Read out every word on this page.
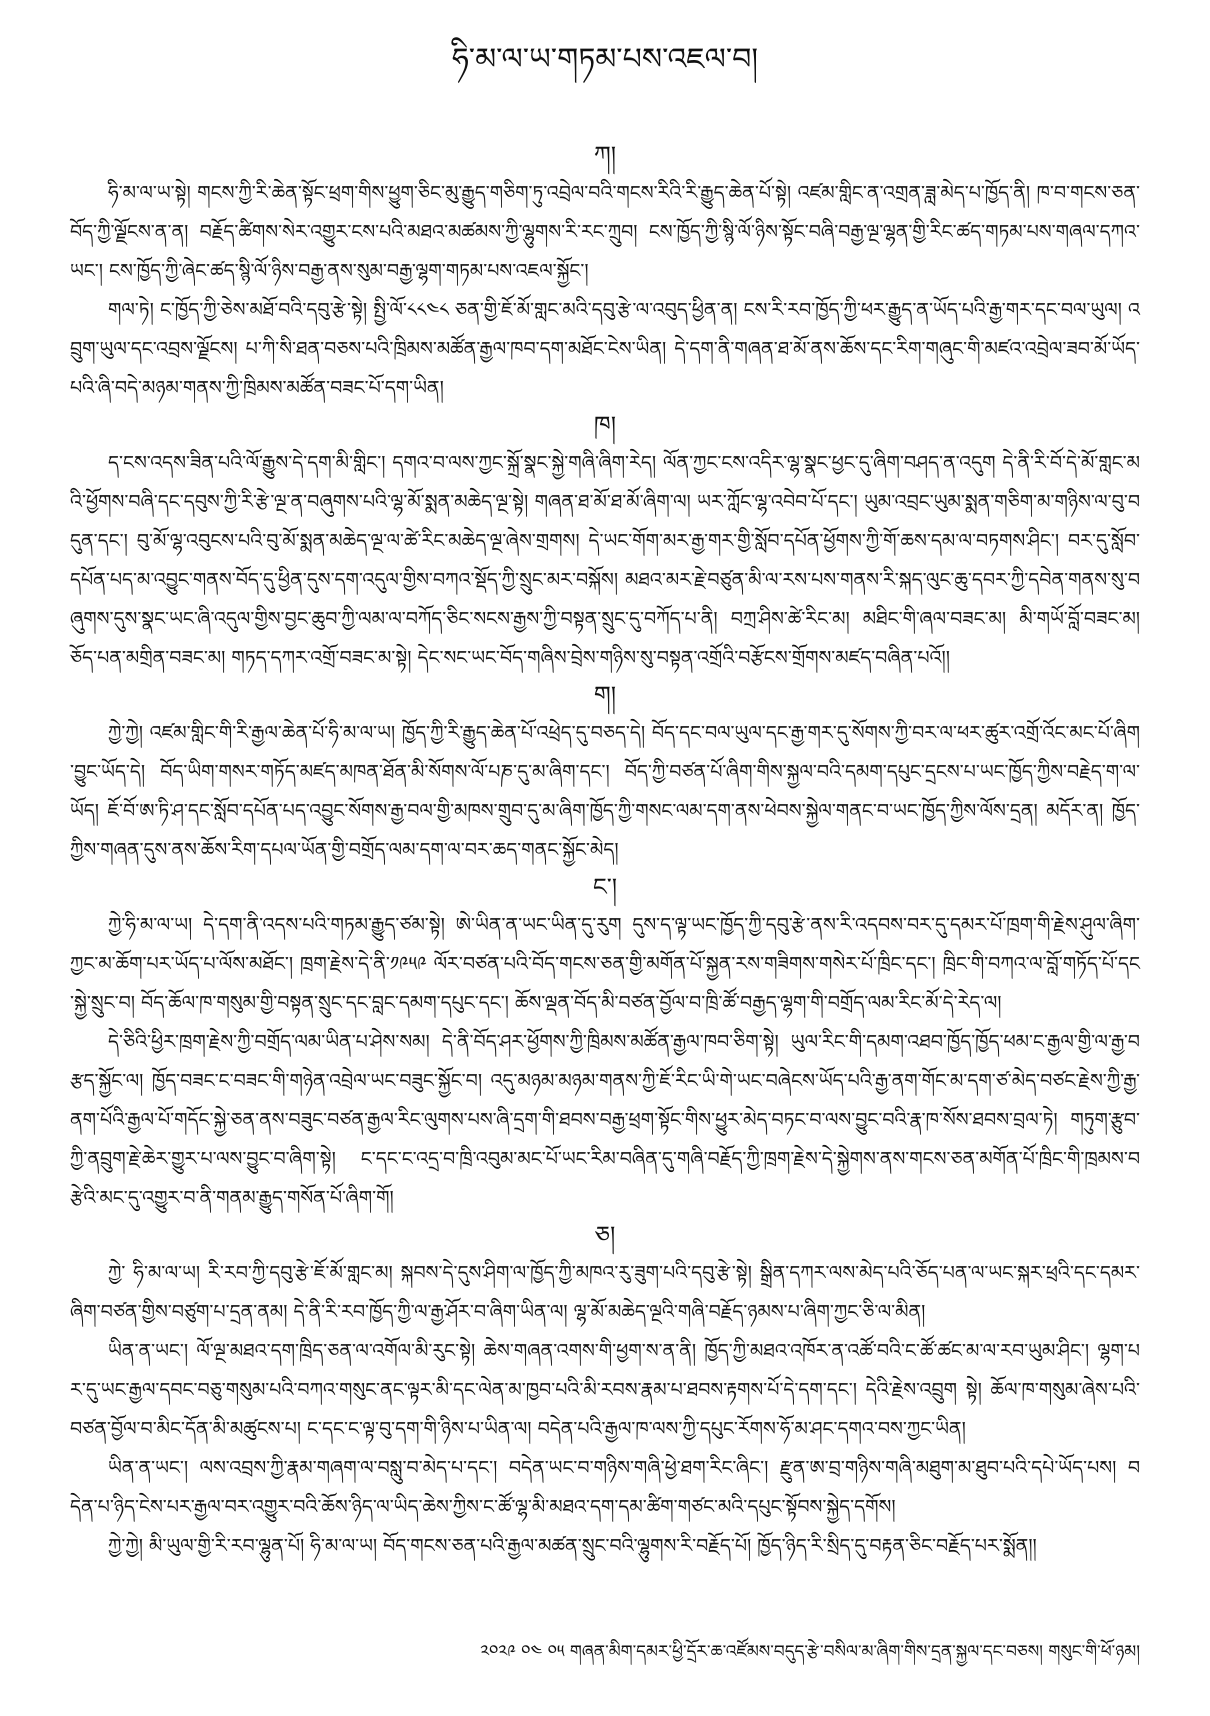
ཧི་མ་ལ་ཡ་གཏམ་པས་འཇལ་བ།
ཀ།

ཧི་མ་ལ་ཡ་སྟེ། གངས་ཀྱི་རི་ཆེན་སྟོང་ཕྲག་གིས་ཕྱུག་ཅིང་མུ་རྒྱུད་གཅིག་ཏུ་འབྲེལ་བའི་གངས་རིའི་རི་རྒྱུད་ཆེན་པོ་སྟེ། འཛམ་གླིང་ན་འགྲན་ཟླ་མེད་པ་ཁྱོད་ནི། ཁ་བ་གངས་ཅན་བོད་ཀྱི་ལྗོངས་ན་ན། བརྗོད་ཚིགས་སེར་འགྱུར་ངས་པའི་མཐའ་མཚམས་ཀྱི་ལྷུགས་རི་རང་ཀྲུབ། ངས་ཁྱོད་ཀྱི་སྙི་ལོ་ཉིས་སྟོང་བཞི་བརྒྱ་ལྔ་ལྷན་གྱི་རིང་ཚད་གཏམ་པས་གཞལ་དཀའ་ཡང་། ངས་ཁྱོད་ཀྱི་ཞེང་ཚད་སྙི་ལོ་ཉིས་བརྒྱ་ནས་སུམ་བརྒྱ་ལྷག་གཏམ་པས་འཇལ་སྐྱོང་།

གལ་ཏེ། ང་ཁྱོད་ཀྱི་ཅེས་མཐོ་བའི་དབུ་རྩེ་སྟེ། སྤྱི་ལོ་༨༨༤༨ ཅན་གྱི་ཇོ་མོ་གླང་མའི་དབུ་རྩེ་ལ་འབུད་ཕྱིན་ན། ངས་རི་རབ་ཁྱོད་ཀྱི་ཕར་རྒྱུད་ན་ཡོད་པའི་རྒྱ་གར་དང་བལ་ཡུལ། འབྲུག་ཡུལ་དང་འབྲས་ལྗོངས། པ་ཀི་སི་ཐན་བཅས་པའི་ཁྲིམས་མཚོན་རྒྱལ་ཁབ་དག་མཐོང་ངེས་ཡིན། དེ་དག་ནི་གཞན་ཐ་མོ་ནས་ཆོས་དང་རིག་གཞུང་གི་མཛའ་འབྲེལ་ཟབ་མོ་ཡོད་པའི་ཞི་བདེ་མཉམ་གནས་ཀྱི་ཁྲིམས་མཚོན་བཟང་པོ་དག་ཡིན།

ཁ།

ད་ངས་འདས་ཟིན་པའི་ལོ་རྒྱུས་དེ་དག་མི་གླིང་། དགའ་བ་ལས་ཀྱང་སྐྲོ་སྣང་སྐྱེ་གཞི་ཞིག་རེད། ལོན་ཀྱང་ངས་འདིར་ལྷ་སྣང་ཕྱང་དུ་ཞིག་བཤད་ན་འདུག དེ་ནི་རི་བོ་དེ་མོ་གླང་མའི་ཕྱོགས་བཞི་དང་དབུས་ཀྱི་རི་རྩེ་ལྔ་ན་བཞུགས་པའི་ལྷ་མོ་སྨན་མཆེད་ལྔ་སྟེ། གཞན་ཐ་མོ་ཐ་མོ་ཞིག་ལ། ཡར་ཀློང་ལྷ་འབེབ་པོ་དང་། ཡུམ་འབྲང་ཡུམ་སྨན་གཅིག་མ་གཉིས་ལ་བུ་བདུན་དང་། བུ་མོ་ལྷ་འབུངས་པའི་བུ་མོ་སྨན་མཆེད་ལྔ་ལ་ཚེ་རིང་མཆེད་ལྔ་ཞེས་གྲགས། དེ་ཡང་གོག་མར་རྒྱ་གར་གྱི་སློབ་དཔོན་ཕྱོགས་ཀྱི་གོ་ཆས་དམ་ལ་བཏགས་ཤིང་། བར་དུ་སློབ་དཔོན་པད་མ་འབྱུང་གནས་བོད་དུ་ཕྱིན་དུས་དག་འདུལ་གྱིས་བཀའ་སྡོད་ཀྱི་སྲུང་མར་བསྐོས། མཐའ་མར་རྗེ་བཙུན་མི་ལ་རས་པས་གནས་རི་སྐད་ལུང་ཆུ་དབར་ཀྱི་དབེན་གནས་སུ་བཞུགས་དུས་སྣང་ཡང་ཞི་འདུལ་གྱིས་བྱང་ཆུབ་ཀྱི་ལམ་ལ་བཀོད་ཅིང་སངས་རྒྱས་ཀྱི་བསྟན་སྲུང་དུ་བཀོད་པ་ནི། བཀྲ་ཤིས་ཚེ་རིང་མ། མཐིང་གི་ཞལ་བཟང་མ། མི་གཡོ་བློ་བཟང་མ། ཅོད་པན་མགྲིན་བཟང་མ། གཏད་དཀར་འགྲོ་བཟང་མ་སྟེ། དེང་སང་ཡང་བོད་གཞིས་བྲེས་གཉིས་སུ་བསྟན་འགྲོའི་བརྩོངས་གྲོགས་མཛད་བཞིན་པའོ།།

ག།

ཀྱེ་ཀྱེ། འཛམ་གླིང་གི་རི་རྒྱལ་ཆེན་པོ་ཧི་མ་ལ་ཡ། ཁྱོད་ཀྱི་རི་རྒྱུད་ཆེན་པོ་འཕྲེད་དུ་བཅད་དེ། བོད་དང་བལ་ཡུལ་དང་རྒྱ་གར་དུ་སོགས་ཀྱི་བར་ལ་ཕར་ཚུར་འགྲོ་འོང་མང་པོ་ཞིག་བྱུང་ཡོད་དེ། བོད་ཡིག་གསར་གཏོད་མཛད་མཁན་ཐོན་མི་སོགས་ལོ་པཎ་དུ་མ་ཞིག་དང་། བོད་ཀྱི་བཙན་པོ་ཞིག་གིས་སྐྱལ་བའི་དམག་དཔུང་དྲངས་པ་ཡང་ཁྱོད་ཀྱིས་བརྗེད་ག་ལ་ཡོད། ཇོ་བོ་ཨ་ཏི་ཤ་དང་སློབ་དཔོན་པད་འབྱུང་སོགས་རྒྱ་བལ་གྱི་མཁས་གྲུབ་དུ་མ་ཞིག་ཁྱོད་ཀྱི་གསང་ལམ་དག་ནས་ཕེབས་སྐྱེལ་གནང་བ་ཡང་ཁྱོད་ཀྱིས་ལོས་དྲན། མདོར་ན། ཁྱོད་ཀྱིས་གཞན་དུས་ནས་ཆོས་རིག་དཔལ་ཡོན་གྱི་བགྲོད་ལམ་དག་ལ་བར་ཆད་གནང་སྐྱོང་མེད།

ང་།

ཀྱེ་ཧི་མ་ལ་ཡ། དེ་དག་ནི་འདས་པའི་གཏམ་རྒྱུད་ཙམ་སྟེ། ཨེ་ཡིན་ན་ཡང་ཡིན་དུ་རུག དུས་ད་ལྟ་ཡང་ཁྱོད་ཀྱི་དབུ་རྩེ་ནས་རི་འདབས་བར་དུ་དམར་པོ་ཁྲག་གི་རྗེས་ཤུལ་ཞིག་ཀྱང་མ་ཆོག་པར་ཡོད་པ་ལོས་མཐོང་། ཁྲག་རྗེས་དེ་ནི་༡༩༥༩ ལོར་བཙན་པའི་བོད་གངས་ཅན་གྱི་མགོན་པོ་སྐྱན་རས་གཟིགས་གསེར་པོ་ཁྲིང་དང་། ཁྲིང་གི་བཀའ་ལ་བློ་གཏོད་པོ་དང་སྐྱེ་སྲུང་བ། བོད་ཆོལ་ཁ་གསུམ་གྱི་བསྟན་སྲུང་དང་བླང་དམག་དཔུང་དང་། ཆོས་ལྡན་བོད་མི་བཙན་བྱོལ་བ་ཁྲི་ཚོ་བརྒྱད་ལྷག་གི་བགྲོད་ལམ་རིང་མོ་དེ་རེད་ལ།

དེ་ཅིའི་ཕྱིར་ཁྲག་རྗེས་ཀྱི་བགྲོད་ལམ་ཡིན་པ་ཤེས་སམ། དེ་ནི་བོད་ཤར་ཕྱོགས་ཀྱི་ཁྲིམས་མཚོན་རྒྱལ་ཁབ་ཅིག་སྟེ། ཡུལ་རིང་གི་དམག་འཐབ་ཁྱོད་ཁྱོད་ཕམ་ང་རྒྱལ་གྱི་ལ་རྒྱ་བརྩད་སྐྱོང་ལ། ཁྱོད་བཟང་ང་བཟང་གི་གཉེན་འབྲེལ་ཡང་བཟུང་སྐྱོང་བ། འདུ་མཉམ་མཉམ་གནས་ཀྱི་ཇོ་རིང་ཡི་གེ་ཡང་བཞེངས་ཡོད་པའི་རྒྱ་ནག་གོང་མ་དག་ཙ་མེད་བཙང་རྗེས་ཀྱི་རྒྱ་ནག་པོའི་རྒྱལ་པོ་གདོང་སྐྱེ་ཅན་ནས་བཟུང་བཙན་རྒྱལ་རིང་ལུགས་པས་ཞི་དྲག་གི་ཐབས་བརྒྱ་ཕྲག་སྟོང་གིས་ཕྱུར་མེད་བཏང་བ་ལས་བྱུང་བའི་རྣ་ཁ་སོས་ཐབས་བྲལ་ཏེ། གཏུག་རྩུབ་ཀྱི་ནབྲུག་རྗེ་ཆེར་གྱུར་པ་ལས་བྱུང་བ་ཞིག་སྟེ། ང་དང་ང་འདྲ་བ་ཁྲི་འབུམ་མང་པོ་ཡང་རིམ་བཞིན་དུ་གཞི་བརྗོད་ཀྱི་ཁྲག་རྗེས་དེ་སྐྱེགས་ནས་གངས་ཅན་མགོན་པོ་ཁྲིང་གི་ཁྲམས་བརྩེའི་མང་དུ་འགྱུར་བ་ནི་གནམ་རྒྱུད་གསོན་པོ་ཞིག་གོ།

ཅ།

ཀྱེ་ ཧི་མ་ལ་ཡ། རི་རབ་ཀྱི་དབུ་རྩེ་ཇོ་མོ་གླང་མ། སྐབས་དེ་དུས་ཤིག་ལ་ཁྱོད་ཀྱི་མཁའ་རུ་ཟུག་པའི་དབུ་རྩེ་སྟེ། སྒྲིན་དཀར་ལས་མེད་པའི་ཅོད་པན་ལ་ཡང་སྐར་ཕྲའི་དང་དམར་ཞིག་བཙན་གྱིས་བཙུག་པ་དྲན་ནམ། དེ་ནི་རི་རབ་ཁྱོད་ཀྱི་ལ་རྒྱ་ཤོར་བ་ཞིག་ཡིན་ལ། ལྷ་མོ་མཆེད་ལྔའི་གཞི་བརྗོད་ཉམས་པ་ཞིག་ཀྱང་ཅི་ལ་མིན།

ཡིན་ན་ཡང་། ལོ་ལྔ་མཐའ་དག་ཁྲིད་ཅན་ལ་འགོལ་མི་རུང་སྟེ། ཆེས་གཞན་འགས་གི་ཕྱག་ས་ན་ནི། ཁྱོད་ཀྱི་མཐའ་འཁོར་ན་འཚོ་བའི་ང་ཚོ་ཚང་མ་ལ་རབ་ཡུམ་ཤིང་། ལྷག་པར་དུ་ཡང་རྒྱལ་དབང་བཅུ་གསུམ་པའི་བཀའ་གསུང་ནང་ལྟར་མི་དང་ལེན་མ་ཁྱབ་པའི་མི་རབས་རྣམ་པ་ཐབས་རྟགས་པོ་དེ་དག་དང་། དེའི་རྗེས་འབྲུག སྟེ། ཆོལ་ཁ་གསུམ་ཞེས་པའི་བཙན་བྱོལ་བ་མིང་དོན་མི་མཚུངས་པ། ང་དང་ང་ལྟ་བུ་དག་གི་ཉིས་པ་ཡིན་ལ། བདེན་པའི་རྒྱལ་ཁ་ལས་ཀྱི་དཔུང་རོགས་ཧོ་མ་ཤང་དགའ་བས་ཀྱང་ཡིན།

ཡིན་ན་ཡང་། ལས་འབྲས་ཀྱི་རྣམ་གཞག་ལ་བསླུ་བ་མེད་པ་དང་། བདེན་ཡང་བ་གཉིས་གཞི་ཕྱེ་ཐག་རིང་ཞིང་། རྫུན་ཨ་བྲ་གཉིས་གཞི་མཐུག་མ་ཐུབ་པའི་དཔེ་ཡོད་པས། བདེན་པ་ཉིད་ངེས་པར་རྒྱལ་བར་འགྱུར་བའི་ཆོས་ཉིད་ལ་ཡིད་ཆེས་ཀྱིས་ང་ཚོ་ལྷ་མི་མཐའ་དག་དམ་ཚིག་གཙང་མའི་དཔུང་སྟོབས་སྐྱེད་དགོས།

ཀྱེ་ཀྱེ། མི་ཡུལ་གྱི་རི་རབ་ལྷུན་པོ། ཧི་མ་ལ་ཡ། བོད་གངས་ཅན་པའི་རྒྱལ་མཚན་སྲུང་བའི་ལྷུགས་རི་བརྗོད་པོ། ཁྱོད་ཉིད་རི་སྲིད་དུ་བརྟན་ཅིང་བརྗོད་པར་སྨོན།།

༢༠༢༩ ༠༤ ༠༥ གཞན་མིག་དམར་ཕྱི་དྲོར་ཆ་འཛོམས་བདུད་རྩེ་བསིལ་མ་ཞིག་གིས་དྲན་སྐྱལ་དང་བཅས། གསུང་གི་ཕོ་ཉམ།
